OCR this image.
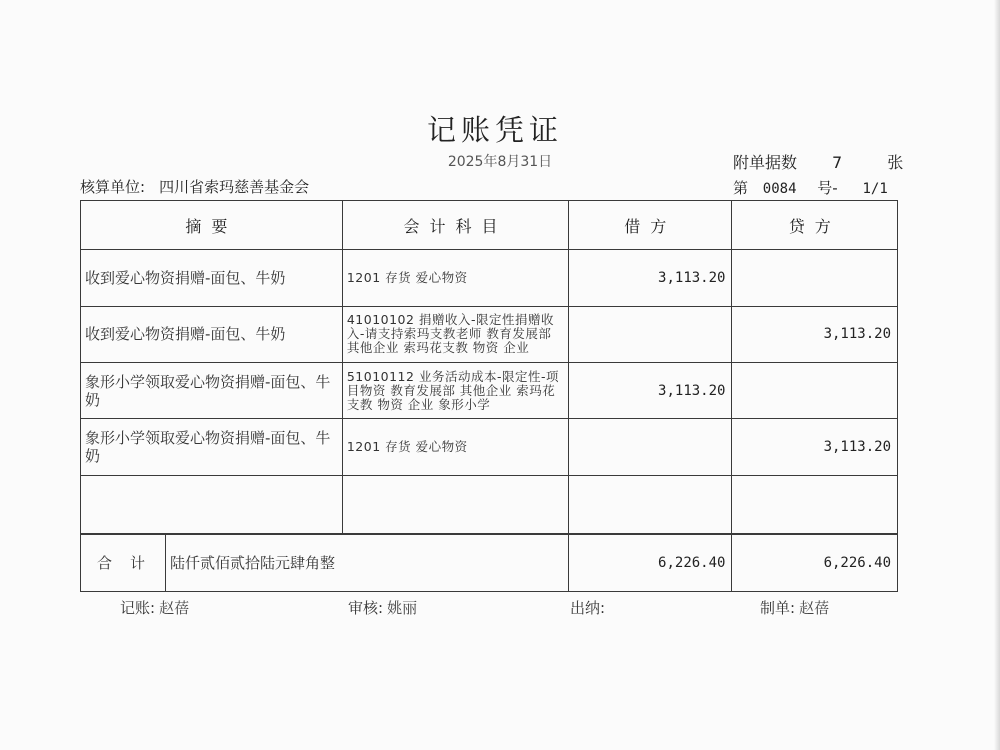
记账凭证
2025年8月31日	附单据数 7	张
核算单位: 四川省索玛慈善基金会	第 0084 号- 1/1
摘要	会计科目	借方	贷方
收到爱心物资捐赠-面包、牛奶	1201 存货 爱心物资	3,113.20	
收到爱心物资捐赠-面包、牛奶	41010102 捐赠收入-限定性捐赠收入-请支持索玛支教老师 教育发展部 其他企业 索玛花支教 物资 企业		3,113.20
象形小学领取爱心物资捐赠-面包、牛奶	51010112 业务活动成本-限定性-项目物资 教育发展部 其他企业 索玛花支教 物资 企业 象形小学	3,113.20	
象形小学领取爱心物资捐赠-面包、牛奶	1201 存货 爱心物资		3,113.20

合计 陆仟贰佰贰拾陆元肆角整		6,226.40	6,226.40
记账: 赵蓓	审核: 姚丽	出纳:	制单: 赵蓓
